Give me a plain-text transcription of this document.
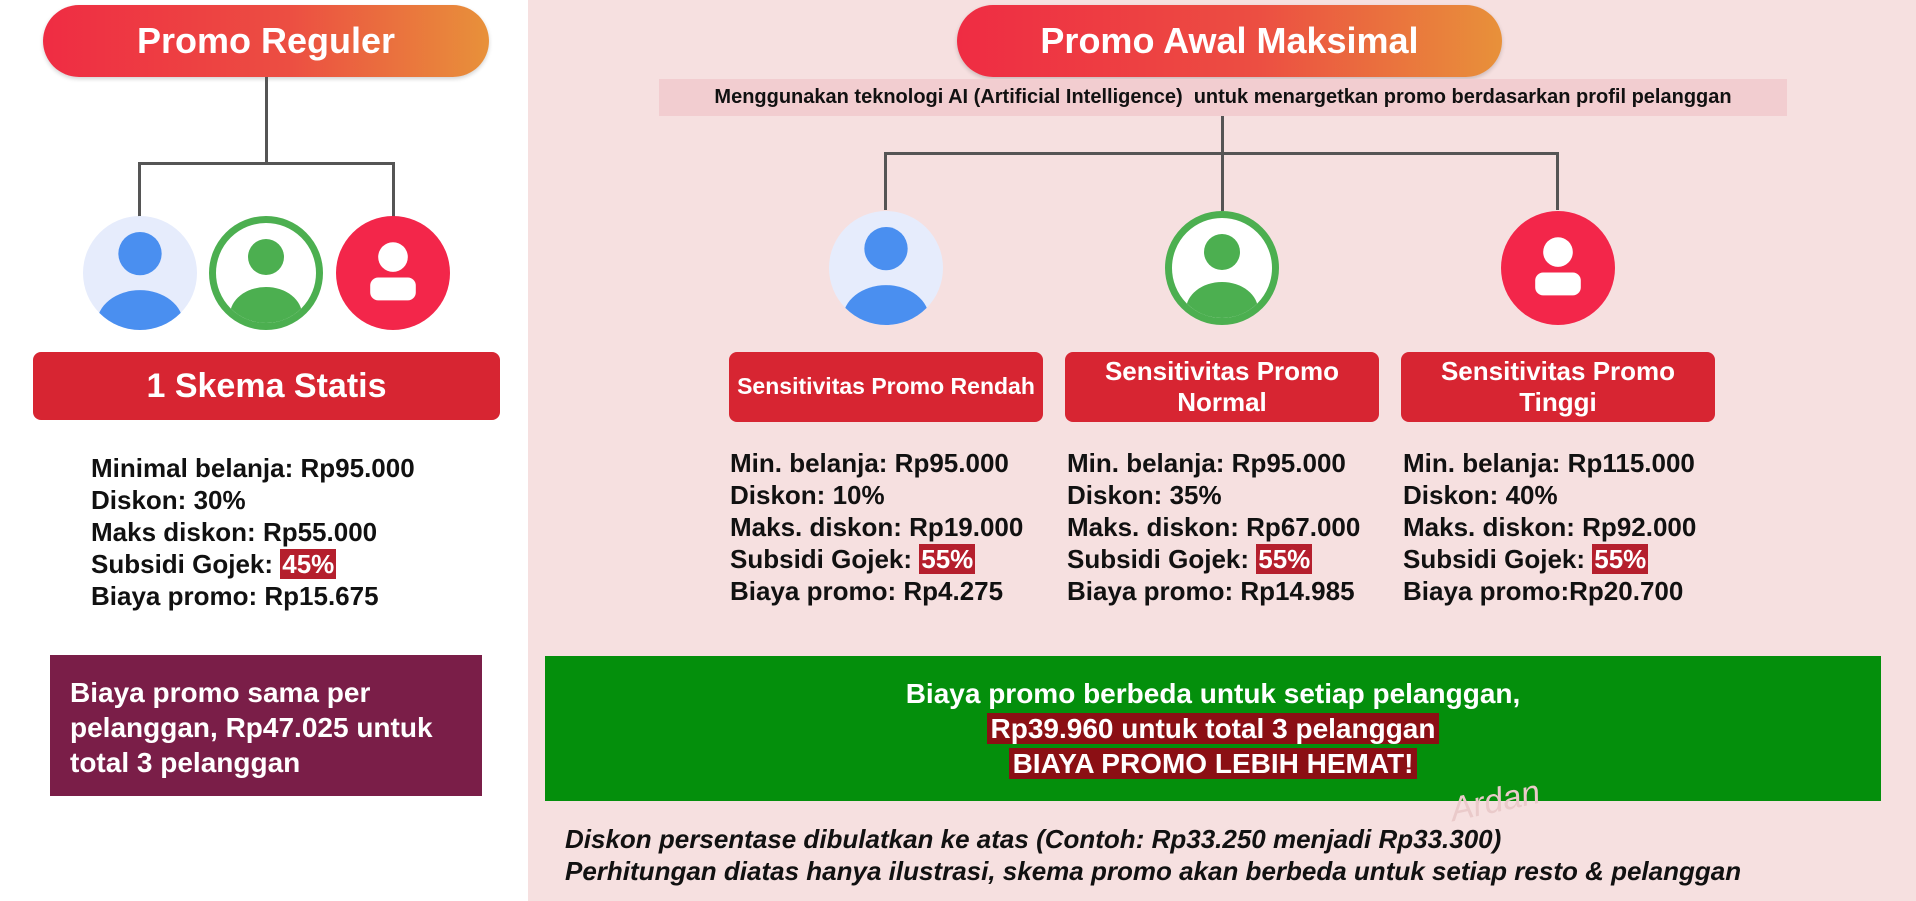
Promo Reguler
1 Skema Statis
Minimal belanja: Rp95.000
Diskon: 30%
Maks diskon: Rp55.000
Subsidi Gojek: 45%
Biaya promo: Rp15.675
Biaya promo sama per pelanggan, Rp47.025 untuk total 3 pelanggan
Promo Awal Maksimal
Menggunakan teknologi AI (Artificial Intelligence)  untuk menargetkan promo berdasarkan profil pelanggan
Sensitivitas Promo Rendah
Sensitivitas Promo Normal
Sensitivitas Promo Tinggi
Min. belanja: Rp95.000
Diskon: 10%
Maks. diskon: Rp19.000
Subsidi Gojek: 55%
Biaya promo: Rp4.275
Min. belanja: Rp95.000
Diskon: 35%
Maks. diskon: Rp67.000
Subsidi Gojek: 55%
Biaya promo: Rp14.985
Min. belanja: Rp115.000
Diskon: 40%
Maks. diskon: Rp92.000
Subsidi Gojek: 55%
Biaya promo:Rp20.700
Biaya promo berbeda untuk setiap pelanggan,
Rp39.960 untuk total 3 pelanggan
BIAYA PROMO LEBIH HEMAT!
Ardan
Diskon persentase dibulatkan ke atas (Contoh: Rp33.250 menjadi Rp33.300)
Perhitungan diatas hanya ilustrasi, skema promo akan berbeda untuk setiap resto & pelanggan
